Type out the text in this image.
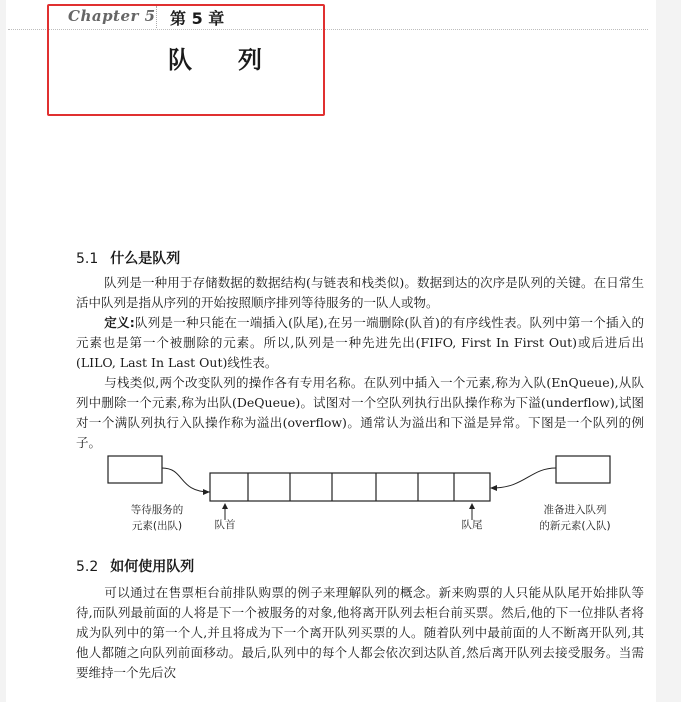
Chapter 5 第 5 章
队列
5.1 什么是队列

队列是一种用于存储数据的数据结构(与链表和栈类似)。数据到达的次序是队列的关键。在日常生活中队列是指从序列的开始按照顺序排列等待服务的一队人或物。

定义:队列是一种只能在一端插入(队尾),在另一端删除(队首)的有序线性表。队列中第一个插入的元素也是第一个被删除的元素。所以,队列是一种先进先出(FIFO, First In First Out)或后进后出(LILO, Last In Last Out)线性表。

与栈类似,两个改变队列的操作各有专用名称。在队列中插入一个元素,称为入队(EnQueue),从队列中删除一个元素,称为出队(DeQueue)。试图对一个空队列执行出队操作称为下溢(underflow),试图对一个满队列执行入队操作称为溢出(overflow)。通常认为溢出和下溢是异常。下图是一个队列的例子。

等待服务的
元素(出队)	队首	队尾
准备进入队列
的新元素(入队)
5.2 如何使用队列

可以通过在售票柜台前排队购票的例子来理解队列的概念。新来购票的人只能从队尾开始排队等待,而队列最前面的人将是下一个被服务的对象,他将离开队列去柜台前买票。然后,他的下一位排队者将成为队列中的第一个人,并且将成为下一个离开队列买票的人。随着队列中最前面的人不断离开队列,其他人都随之向队列前面移动。最后,队列中的每个人都会依次到达队首,然后离开队列去接受服务。当需要维持一个先后次
